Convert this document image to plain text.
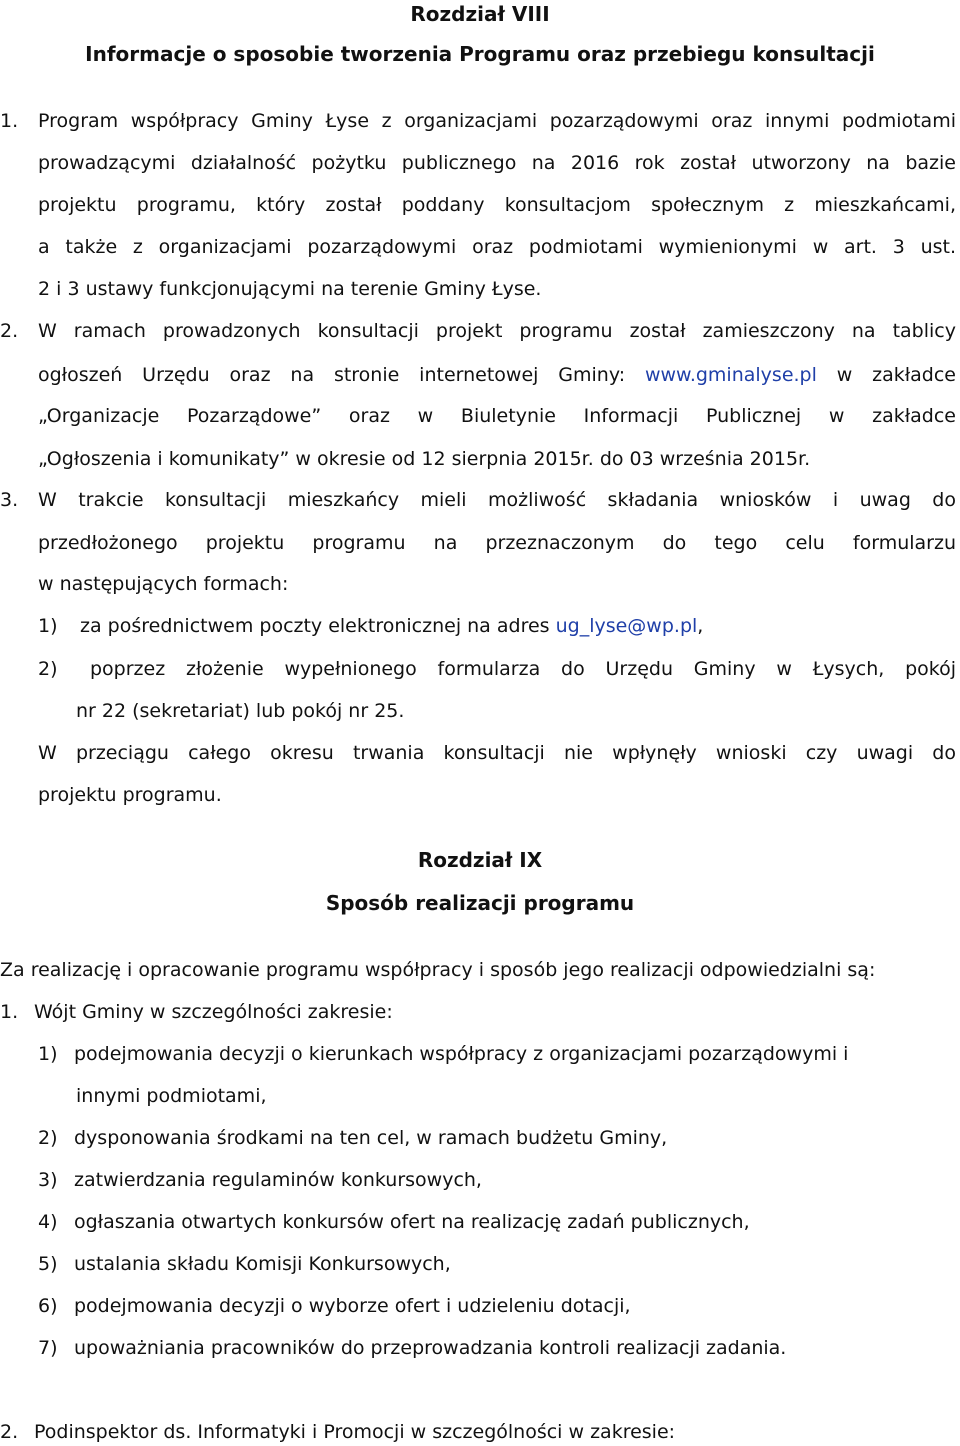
Rozdział VIII
Informacje o sposobie tworzenia Programu oraz przebiegu konsultacji
1. Program współpracy Gminy Łyse z organizacjami pozarządowymi oraz innymi podmiotami
prowadzącymi działalność pożytku publicznego na 2016 rok został utworzony na bazie
projektu programu, który został poddany konsultacjom społecznym z mieszkańcami,
a także z organizacjami pozarządowymi oraz podmiotami wymienionymi w art. 3 ust.
2 i 3 ustawy funkcjonującymi na terenie Gminy Łyse.
2. W ramach prowadzonych konsultacji projekt programu został zamieszczony na tablicy
ogłoszeń Urzędu oraz na stronie internetowej Gminy: www.gminalyse.pl w zakładce
„Organizacje Pozarządowe” oraz w Biuletynie Informacji Publicznej w zakładce
„Ogłoszenia i komunikaty” w okresie od 12 sierpnia 2015r. do 03 września 2015r.
3. W trakcie konsultacji mieszkańcy mieli możliwość składania wniosków i uwag do
przedłożonego projektu programu na przeznaczonym do tego celu formularzu
w następujących formach:
1) za pośrednictwem poczty elektronicznej na adres ug_lyse@wp.pl,
2) poprzez złożenie wypełnionego formularza do Urzędu Gminy w Łysych, pokój
nr 22 (sekretariat) lub pokój nr 25.
W przeciągu całego okresu trwania konsultacji nie wpłynęły wnioski czy uwagi do
projektu programu.
Rozdział IX
Sposób realizacji programu
Za realizację i opracowanie programu współpracy i sposób jego realizacji odpowiedzialni są:
1. Wójt Gminy w szczególności zakresie:
1) podejmowania decyzji o kierunkach współpracy z organizacjami pozarządowymi i
innymi podmiotami,
2) dysponowania środkami na ten cel, w ramach budżetu Gminy,
3) zatwierdzania regulaminów konkursowych,
4) ogłaszania otwartych konkursów ofert na realizację zadań publicznych,
5) ustalania składu Komisji Konkursowych,
6) podejmowania decyzji o wyborze ofert i udzieleniu dotacji,
7) upoważniania pracowników do przeprowadzania kontroli realizacji zadania.
2. Podinspektor ds. Informatyki i Promocji w szczególności w zakresie:
